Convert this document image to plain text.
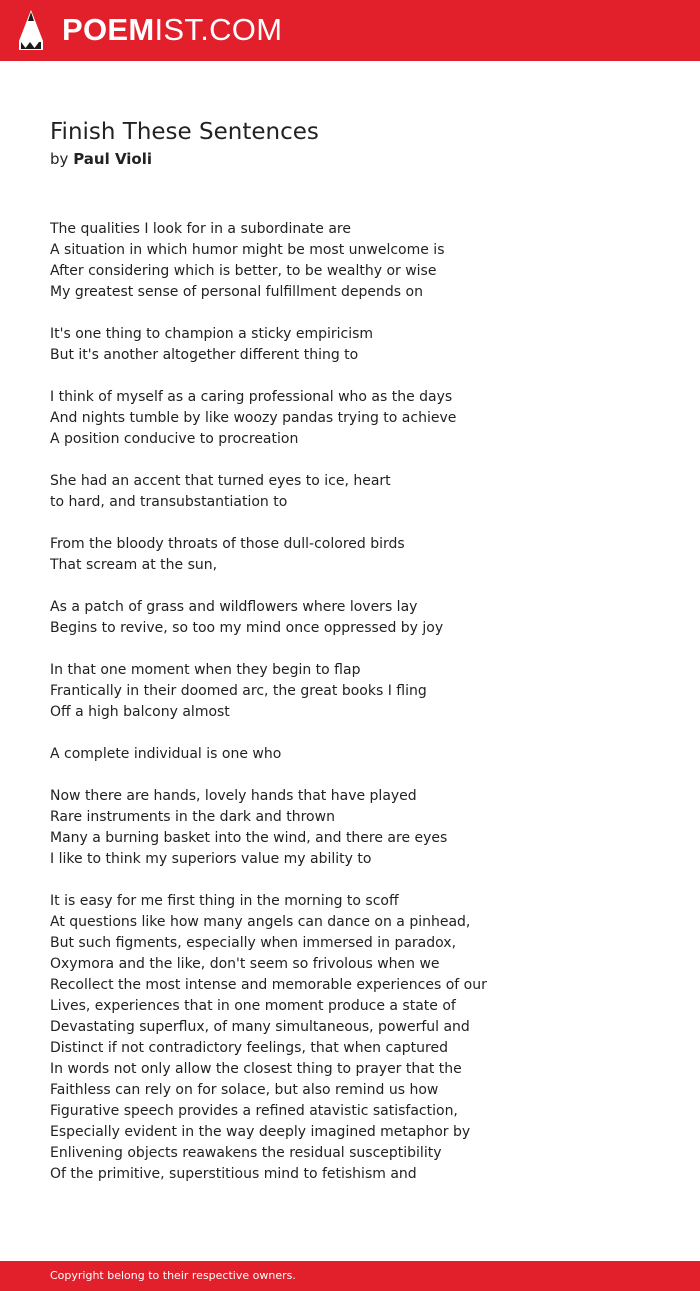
POEMIST.COM
Finish These Sentences
by Paul Violi
The qualities I look for in a subordinate are
A situation in which humor might be most unwelcome is
After considering which is better, to be wealthy or wise
My greatest sense of personal fulfillment depends on
It's one thing to champion a sticky empiricism
But it's another altogether different thing to
I think of myself as a caring professional who as the days
And nights tumble by like woozy pandas trying to achieve
A position conducive to procreation
She had an accent that turned eyes to ice, heart
to hard, and transubstantiation to
From the bloody throats of those dull-colored birds
That scream at the sun,
As a patch of grass and wildflowers where lovers lay
Begins to revive, so too my mind once oppressed by joy
In that one moment when they begin to flap
Frantically in their doomed arc, the great books I fling
Off a high balcony almost
A complete individual is one who
Now there are hands, lovely hands that have played
Rare instruments in the dark and thrown
Many a burning basket into the wind, and there are eyes
I like to think my superiors value my ability to
It is easy for me first thing in the morning to scoff
At questions like how many angels can dance on a pinhead,
But such figments, especially when immersed in paradox,
Oxymora and the like, don't seem so frivolous when we
Recollect the most intense and memorable experiences of our
Lives, experiences that in one moment produce a state of
Devastating superflux, of many simultaneous, powerful and
Distinct if not contradictory feelings, that when captured
In words not only allow the closest thing to prayer that the
Faithless can rely on for solace, but also remind us how
Figurative speech provides a refined atavistic satisfaction,
Especially evident in the way deeply imagined metaphor by
Enlivening objects reawakens the residual susceptibility
Of the primitive, superstitious mind to fetishism and
Copyright belong to their respective owners.
